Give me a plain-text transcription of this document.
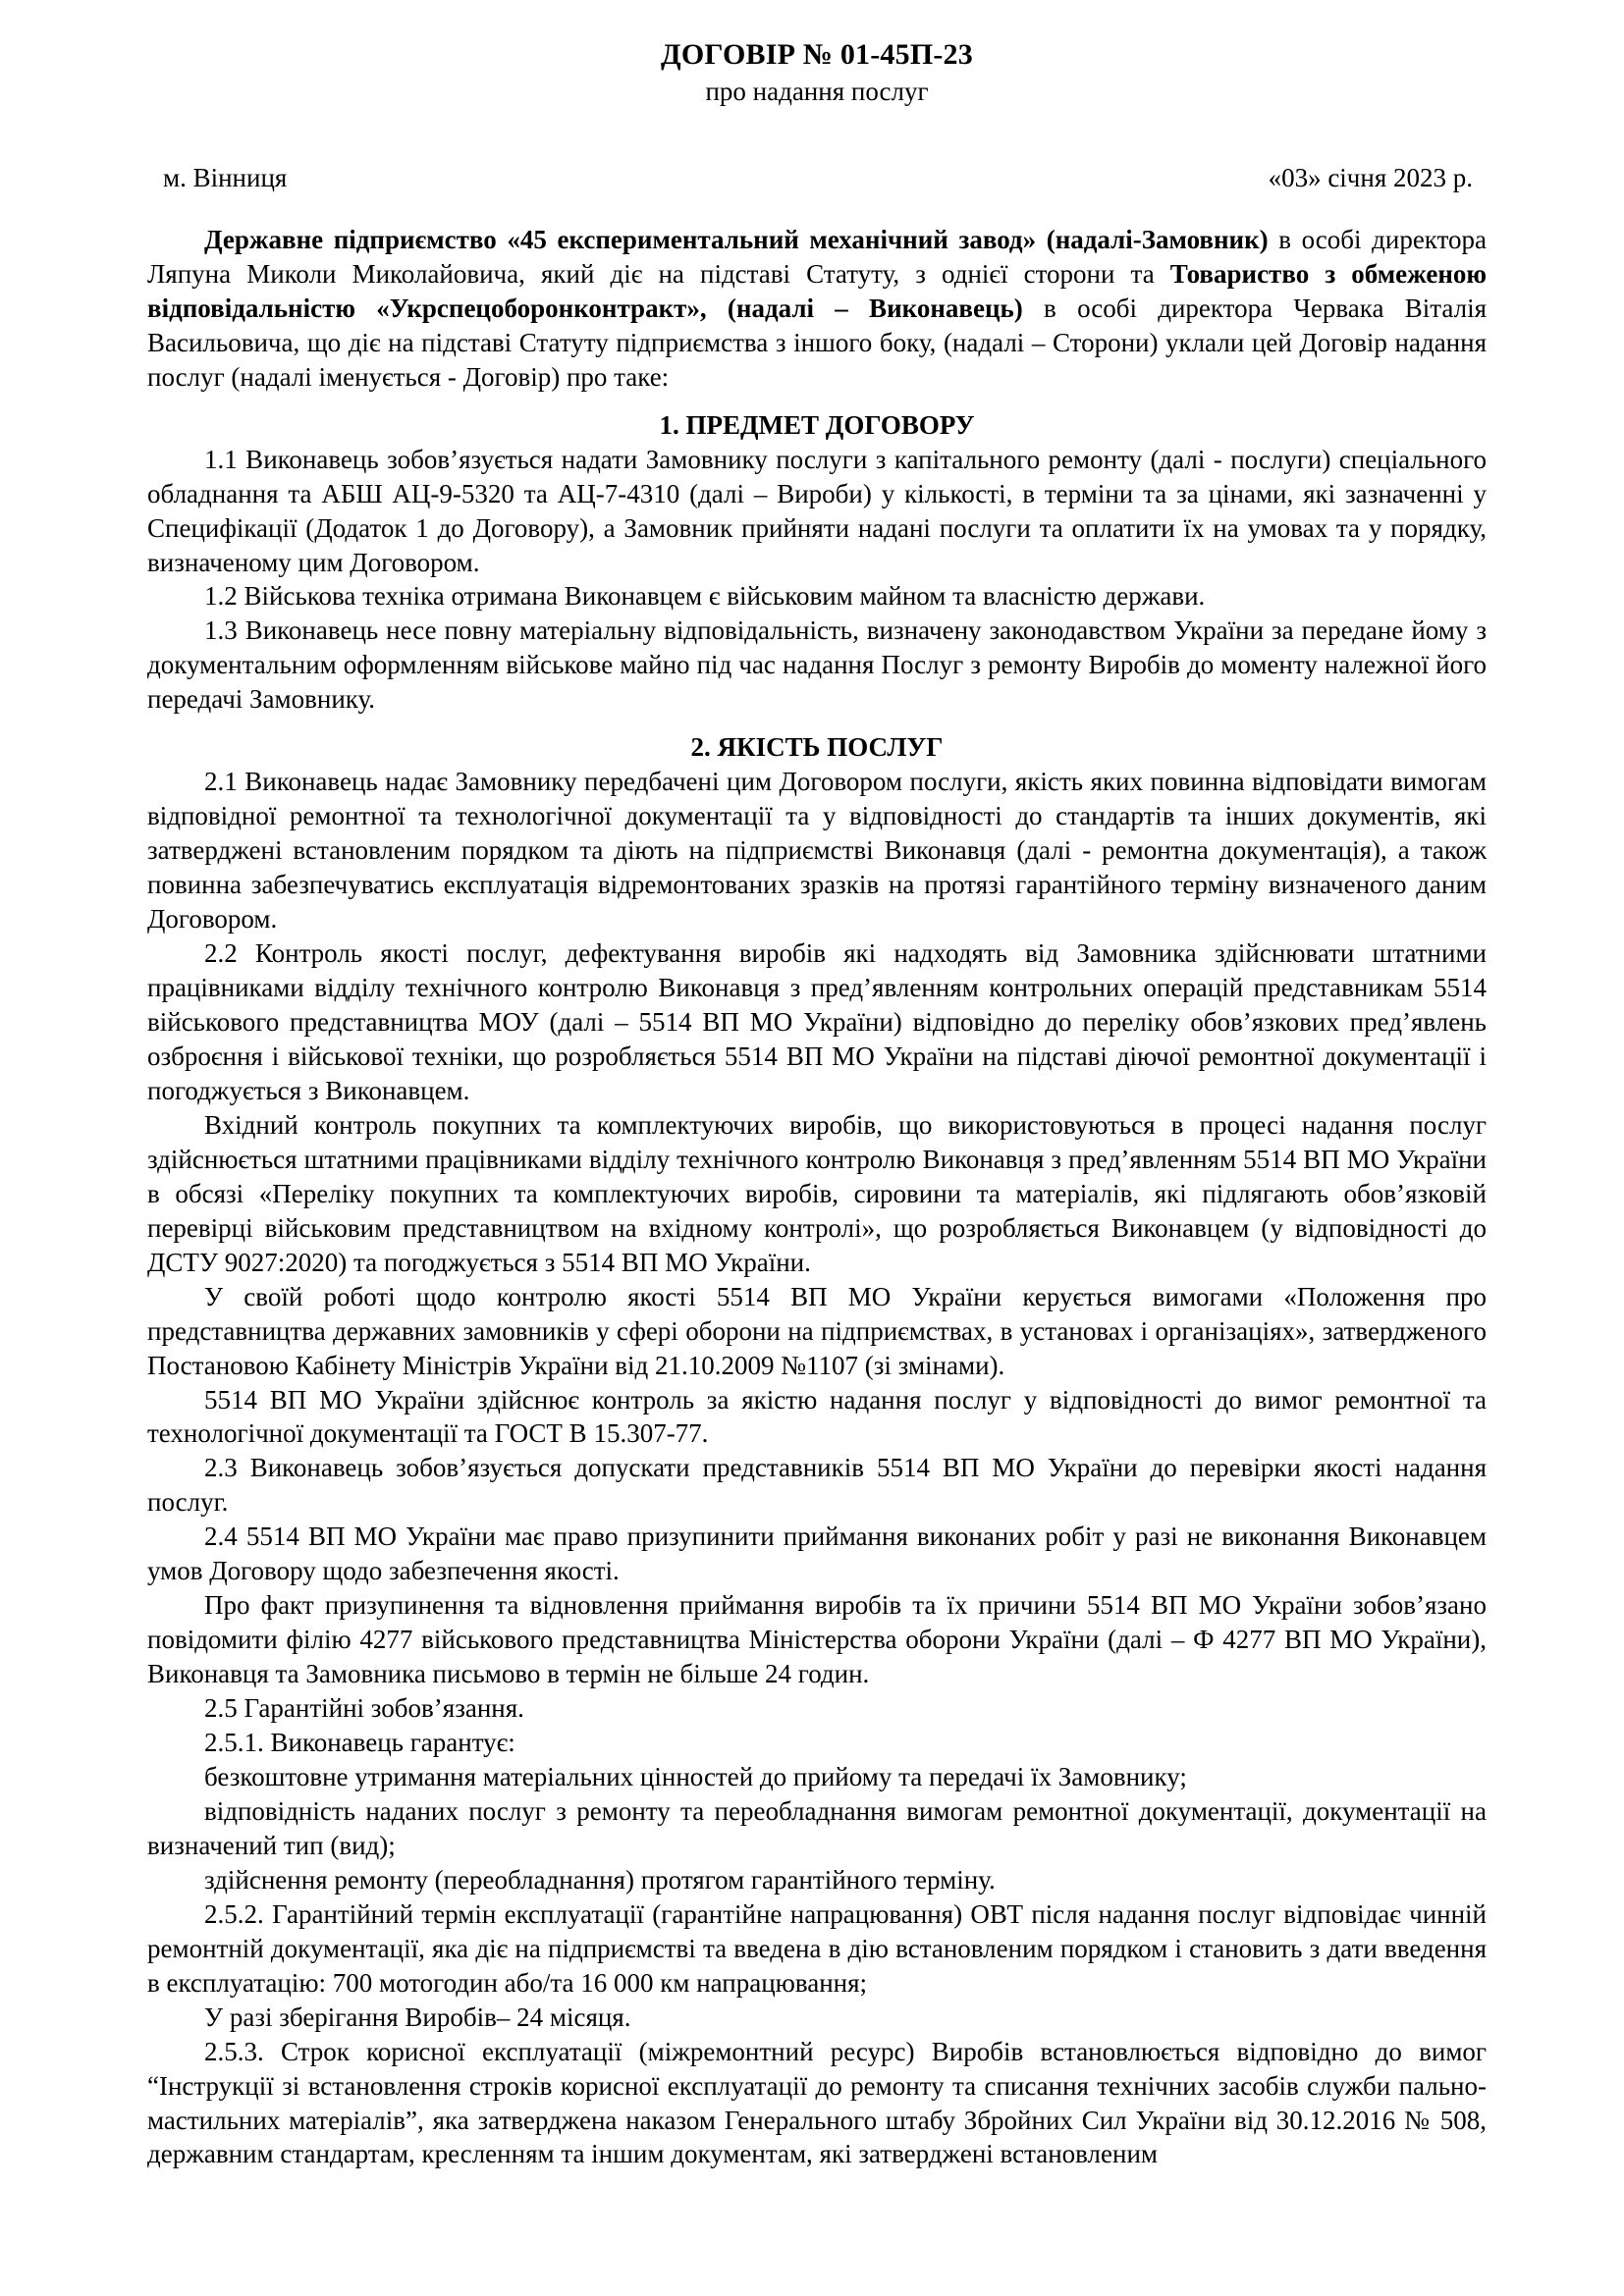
ДОГОВІР № 01-45П-23
про надання послуг
м. Вінниця	«03» січня 2023 р.

Державне підприємство «45 експериментальний механічний завод» (надалі-Замовник) в особі директора Ляпуна Миколи Миколайовича, який діє на підставі Статуту, з однієї сторони та Товариство з обмеженою відповідальністю «Укрспецоборонконтракт», (надалі – Виконавець) в особі директора Червака Віталія Васильовича, що діє на підставі Статуту підприємства з іншого боку, (надалі – Сторони) уклали цей Договір надання послуг (надалі іменується - Договір) про таке:

1. ПРЕДМЕТ ДОГОВОРУ

1.1 Виконавець зобов’язується надати Замовнику послуги з капітального ремонту (далі - послуги) спеціального обладнання та АБШ АЦ-9-5320 та АЦ-7-4310 (далі – Вироби) у кількості, в терміни та за цінами, які зазначенні у Специфікації (Додаток 1 до Договору), а Замовник прийняти надані послуги та оплатити їх на умовах та у порядку, визначеному цим Договором.

1.2 Військова техніка отримана Виконавцем є військовим майном та власністю держави.

1.3 Виконавець несе повну матеріальну відповідальність, визначену законодавством України за передане йому з документальним оформленням військове майно під час надання Послуг з ремонту Виробів до моменту належної його передачі Замовнику.

2. ЯКІСТЬ ПОСЛУГ

2.1 Виконавець надає Замовнику передбачені цим Договором послуги, якість яких повинна відповідати вимогам відповідної ремонтної та технологічної документації та у відповідності до стандартів та інших документів, які затверджені встановленим порядком та діють на підприємстві Виконавця (далі - ремонтна документація), а також повинна забезпечуватись експлуатація відремонтованих зразків на протязі гарантійного терміну визначеного даним Договором.

2.2 Контроль якості послуг, дефектування виробів які надходять від Замовника здійснювати штатними працівниками відділу технічного контролю Виконавця з пред’явленням контрольних операцій представникам 5514 військового представництва МОУ (далі – 5514 ВП МО України) відповідно до переліку обов’язкових пред’явлень озброєння і військової техніки, що розробляється 5514 ВП МО України на підставі діючої ремонтної документації і погоджується з Виконавцем.

Вхідний контроль покупних та комплектуючих виробів, що використовуються в процесі надання послуг здійснюється штатними працівниками відділу технічного контролю Виконавця з пред’явленням 5514 ВП МО України в обсязі «Переліку покупних та комплектуючих виробів, сировини та матеріалів, які підлягають обов’язковій перевірці військовим представництвом на вхідному контролі», що розробляється Виконавцем (у відповідності до ДСТУ 9027:2020) та погоджується з 5514 ВП МО України.

У своїй роботі щодо контролю якості 5514 ВП МО України керується вимогами «Положення про представництва державних замовників у сфері оборони на підприємствах, в установах і організаціях», затвердженого Постановою Кабінету Міністрів України від 21.10.2009 №1107 (зі змінами).

5514 ВП МО України здійснює контроль за якістю надання послуг у відповідності до вимог ремонтної та технологічної документації та ГОСТ В 15.307-77.

2.3 Виконавець зобов’язується допускати представників 5514 ВП МО України до перевірки якості надання послуг.

2.4 5514 ВП МО України має право призупинити приймання виконаних робіт у разі не виконання Виконавцем умов Договору щодо забезпечення якості.

Про факт призупинення та відновлення приймання виробів та їх причини 5514 ВП МО України зобов’язано повідомити філію 4277 військового представництва Міністерства оборони України (далі – Ф 4277 ВП МО України), Виконавця та Замовника письмово в термін не більше 24 годин.

2.5 Гарантійні зобов’язання.

2.5.1. Виконавець гарантує:

безкоштовне утримання матеріальних цінностей до прийому та передачі їх Замовнику;

відповідність наданих послуг з ремонту та переобладнання вимогам ремонтної документації, документації на визначений тип (вид);

здійснення ремонту (переобладнання) протягом гарантійного терміну.

2.5.2. Гарантійний термін експлуатації (гарантійне напрацювання) ОВТ після надання послуг відповідає чинній ремонтній документації, яка діє на підприємстві та введена в дію встановленим порядком і становить з дати введення в експлуатацію: 700 мотогодин або/та 16 000 км напрацювання;

У разі зберігання Виробів– 24 місяця.

2.5.3. Строк корисної експлуатації (міжремонтний ресурс) Виробів встановлюється відповідно до вимог “Інструкції зі встановлення строків корисної експлуатації до ремонту та списання технічних засобів служби пально-мастильних матеріалів”, яка затверджена наказом Генерального штабу Збройних Сил України від 30.12.2016 № 508, державним стандартам, кресленням та іншим документам, які затверджені встановленим
